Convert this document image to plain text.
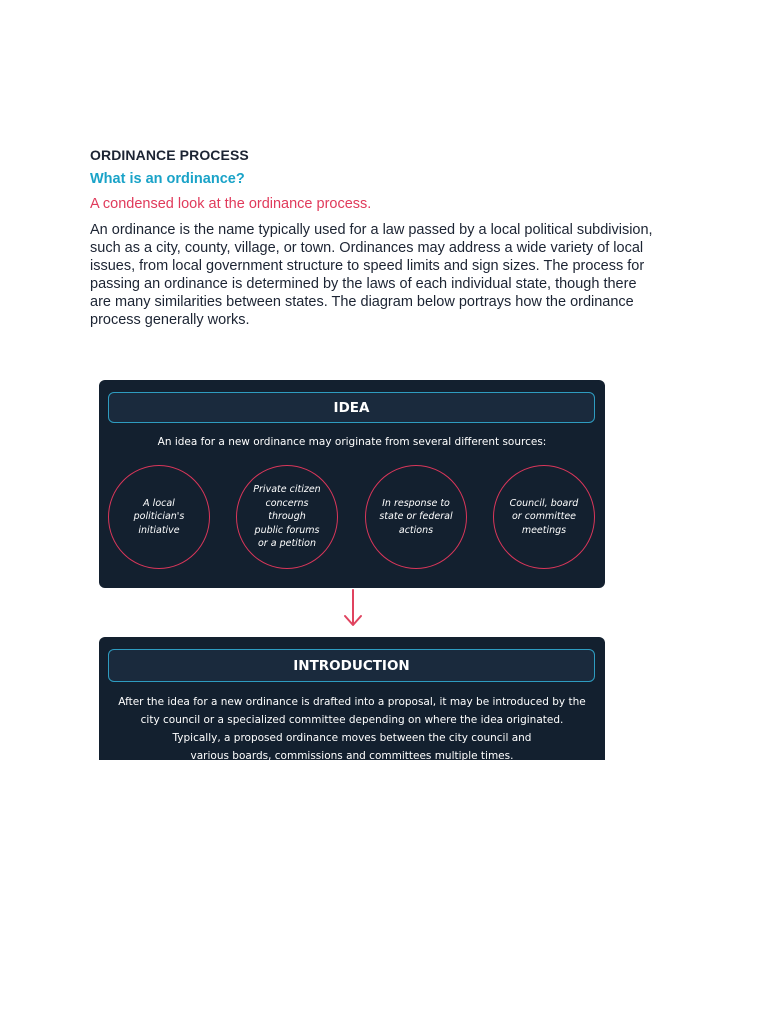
ORDINANCE PROCESS
What is an ordinance?
A condensed look at the ordinance process.
An ordinance is the name typically used for a law passed by a local political subdivision,
such as a city, county, village, or town. Ordinances may address a wide variety of local
issues, from local government structure to speed limits and sign sizes. The process for
passing an ordinance is determined by the laws of each individual state, though there
are many similarities between states. The diagram below portrays how the ordinance
process generally works.
IDEA
An idea for a new ordinance may originate from several different sources:
A local
politician's
initiative
Private citizen
concerns through
public forums
or a petition
In response to
state or federal
actions
Council, board
or committee
meetings
INTRODUCTION
After the idea for a new ordinance is drafted into a proposal, it may be introduced by the
city council or a specialized committee depending on where the idea originated.
Typically, a proposed ordinance moves between the city council and
various boards, commissions and committees multiple times.
